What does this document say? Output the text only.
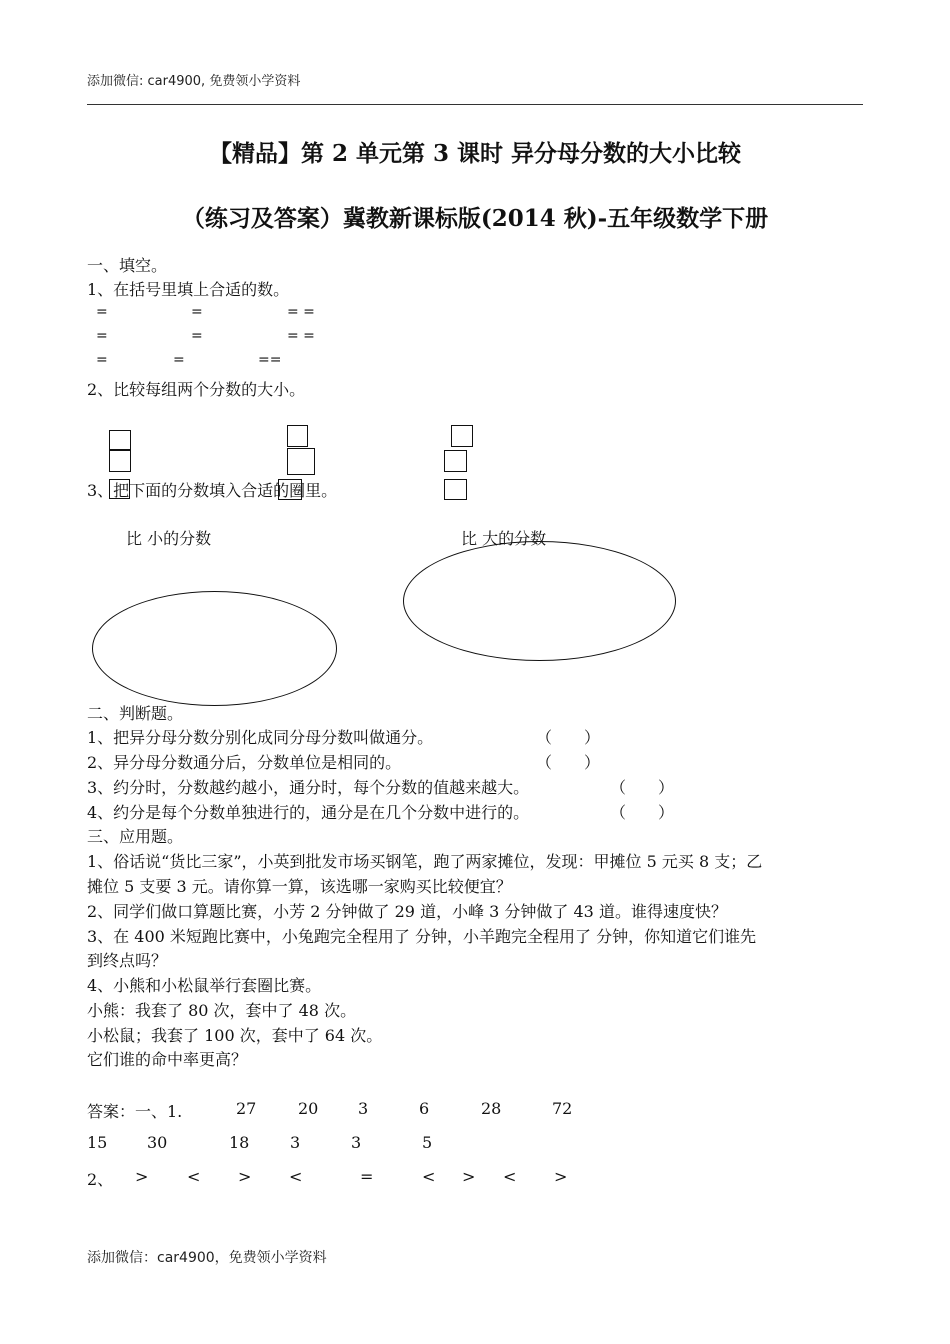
添加微信: car4900, 免费领小学资料
【精品】第 2 单元第 3 课时 异分母分数的大小比较
（练习及答案）冀教新课标版(2014 秋)-五年级数学下册
一、填空。
1、在括号里填上合适的数。
=	=	= =
=	=	= =
=	=	==
2、比较每组两个分数的大小。
3、把下面的分数填入合适的圈里。
比 小的分数	比 大的分数
二、判断题。
1、把异分母分数分别化成同分母分数叫做通分。	（　　）
2、异分母分数通分后，分数单位是相同的。	（　　）
3、约分时，分数越约越小，通分时，每个分数的值越来越大。	（　　）
4、约分是每个分数单独进行的，通分是在几个分数中进行的。	（　　）
三、应用题。
1、俗话说“货比三家”，小英到批发市场买钢笔，跑了两家摊位，发现：甲摊位 5 元买 8 支；乙
摊位 5 支要 3 元。请你算一算，该选哪一家购买比较便宜？
2、同学们做口算题比赛，小芳 2 分钟做了 29 道，小峰 3 分钟做了 43 道。谁得速度快？
3、在 400 米短跑比赛中，小兔跑完全程用了 分钟，小羊跑完全程用了 分钟，你知道它们谁先
到终点吗？
4、小熊和小松鼠举行套圈比赛。
小熊：我套了 80 次，套中了 48 次。
小松鼠；我套了 100 次，套中了 64 次。
它们谁的命中率更高？
答案：一、1.	27	20 3	6	28	72
15 30	18	3	3	5
2、 > < > <	=	< > < >
添加微信：car4900，免费领小学资料
